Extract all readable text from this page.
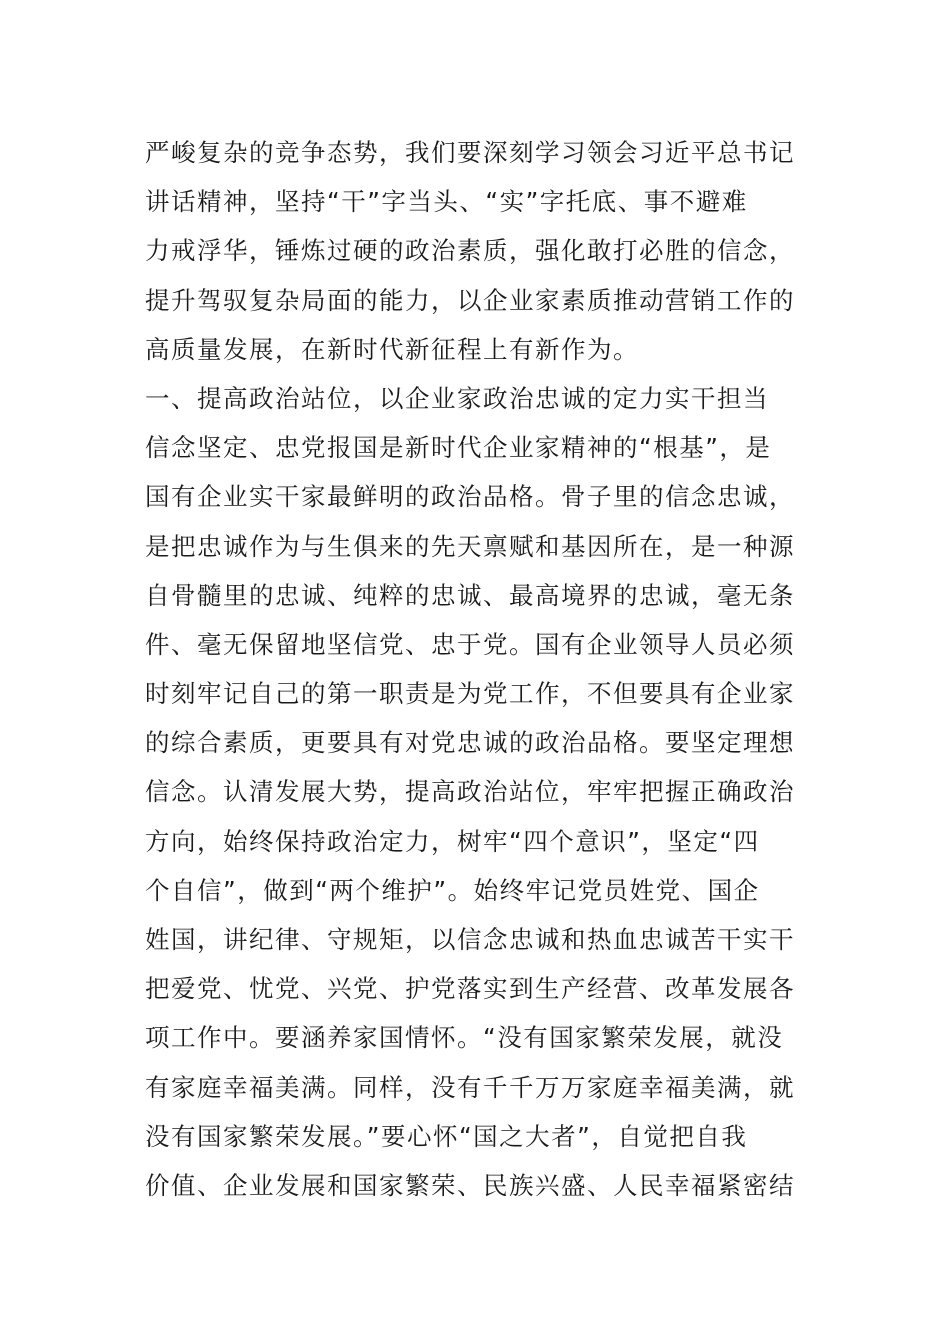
严峻复杂的竞争态势，我们要深刻学习领会习近平总书记
讲话精神，坚持“干”字当头、“实”字托底、事不避难
力戒浮华，锤炼过硬的政治素质，强化敢打必胜的信念，
提升驾驭复杂局面的能力，以企业家素质推动营销工作的
高质量发展，在新时代新征程上有新作为。
一、提高政治站位，以企业家政治忠诚的定力实干担当
信念坚定、忠党报国是新时代企业家精神的“根基”，是
国有企业实干家最鲜明的政治品格。骨子里的信念忠诚，
是把忠诚作为与生俱来的先天禀赋和基因所在，是一种源
自骨髓里的忠诚、纯粹的忠诚、最高境界的忠诚，毫无条
件、毫无保留地坚信党、忠于党。国有企业领导人员必须
时刻牢记自己的第一职责是为党工作，不但要具有企业家
的综合素质，更要具有对党忠诚的政治品格。要坚定理想
信念。认清发展大势，提高政治站位，牢牢把握正确政治
方向，始终保持政治定力，树牢“四个意识”，坚定“四
个自信”，做到“两个维护”。始终牢记党员姓党、国企
姓国，讲纪律、守规矩，以信念忠诚和热血忠诚苦干实干
把爱党、忧党、兴党、护党落实到生产经营、改革发展各
项工作中。要涵养家国情怀。“没有国家繁荣发展，就没
有家庭幸福美满。同样，没有千千万万家庭幸福美满，就
没有国家繁荣发展。”要心怀“国之大者”，自觉把自我
价值、企业发展和国家繁荣、民族兴盛、人民幸福紧密结
